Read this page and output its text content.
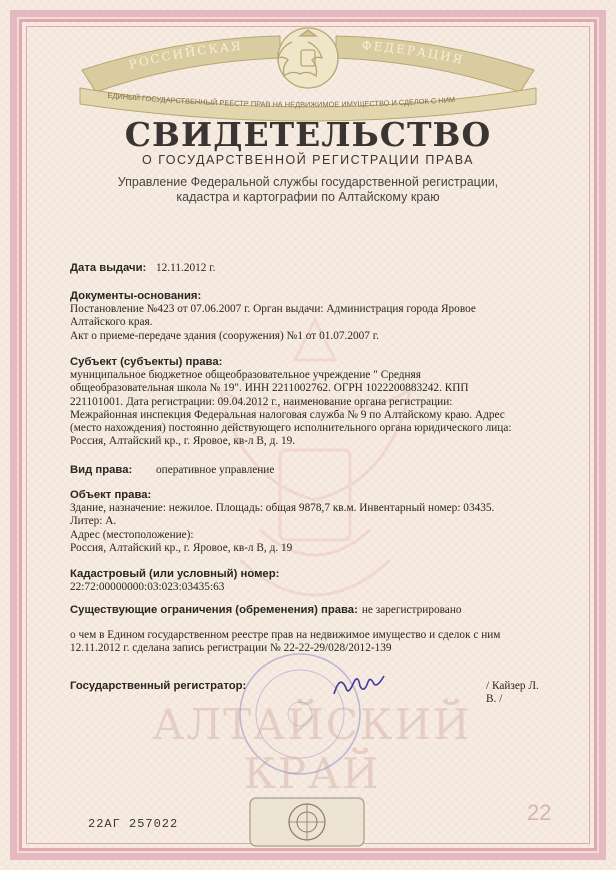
РОССИЙСКАЯ	ФЕДЕРАЦИЯ
ЕДИНЫЙ ГОСУДАРСТВЕННЫЙ РЕЕСТР ПРАВ НА НЕДВИЖИМОЕ ИМУЩЕСТВО И СДЕЛОК С НИМ
АЛТАЙСКИЙ КРАЙ
СВИДЕТЕЛЬСТВО
О ГОСУДАРСТВЕННОЙ РЕГИСТРАЦИИ ПРАВА
Управление Федеральной службы государственной регистрации,
кадастра и картографии по Алтайскому краю
Дата выдачи: 12.11.2012 г.
Документы-основания:
Постановление №423 от 07.06.2007 г. Орган выдачи: Администрация города Яровое
Алтайского края.
Акт о приеме-передаче здания (сооружения) №1 от 01.07.2007 г.
Субъект (субъекты) права:
муниципальное бюджетное общеобразовательное учреждение " Средняя
общеобразовательная школа № 19". ИНН 2211002762. ОГРН 1022200883242. КПП
221101001. Дата регистрации: 09.04.2012 г., наименование органа регистрации:
Межрайонная инспекция Федеральная налоговая служба № 9 по Алтайскому краю. Адрес
(место нахождения) постоянно действующего исполнительного органа юридического лица:
Россия, Алтайский кр., г. Яровое, кв-л В, д. 19.
Вид права:	оперативное управление
Объект права:
Здание, назначение: нежилое. Площадь: общая 9878,7 кв.м. Инвентарный номер: 03435.
Литер: А.
Адрес (местоположение):
Россия, Алтайский кр., г. Яровое, кв-л В, д. 19
Кадастровый (или условный) номер:
22:72:00000000:03:023:03435:63
Существующие ограничения (обременения) права: не зарегистрировано
о чем в Едином государственном реестре прав на недвижимое имущество и сделок с ним
12.11.2012 г. сделана запись регистрации № 22-22-29/028/2012-139
Государственный регистратор:	/ Кайзер Л. В. /
22АГ 257022	22
